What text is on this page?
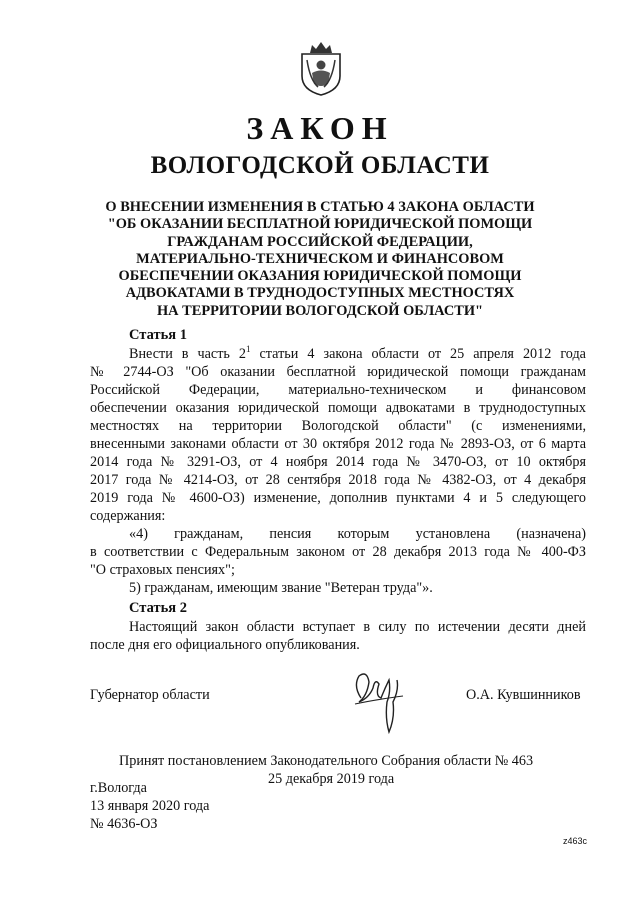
ЗАКОН
ВОЛОГОДСКОЙ ОБЛАСТИ
О ВНЕСЕНИИ ИЗМЕНЕНИЯ В СТАТЬЮ 4 ЗАКОНА ОБЛАСТИ
"ОБ ОКАЗАНИИ БЕСПЛАТНОЙ ЮРИДИЧЕСКОЙ ПОМОЩИ
ГРАЖДАНАМ РОССИЙСКОЙ ФЕДЕРАЦИИ,
МАТЕРИАЛЬНО-ТЕХНИЧЕСКОМ И ФИНАНСОВОМ
ОБЕСПЕЧЕНИИ ОКАЗАНИЯ ЮРИДИЧЕСКОЙ ПОМОЩИ
АДВОКАТАМИ В ТРУДНОДОСТУПНЫХ МЕСТНОСТЯХ
НА ТЕРРИТОРИИ ВОЛОГОДСКОЙ ОБЛАСТИ"
Статья 1
Внести в часть $2^1$ статьи 4 закона области от 25 апреля 2012 года
№ 2744-ОЗ "Об оказании бесплатной юридической помощи гражданам
Российской Федерации, материально-техническом и финансовом
обеспечении оказания юридической помощи адвокатами в труднодоступных
местностях на территории Вологодской области" (с изменениями,
внесенными законами области от 30 октября 2012 года № 2893-ОЗ, от 6 марта
2014 года № 3291-ОЗ, от 4 ноября 2014 года № 3470-ОЗ, от 10 октября
2017 года № 4214-ОЗ, от 28 сентября 2018 года № 4382-ОЗ, от 4 декабря
2019 года № 4600-ОЗ) изменение, дополнив пунктами 4 и 5 следующего
содержания:
«4) гражданам, пенсия которым установлена (назначена)
в соответствии с Федеральным законом от 28 декабря 2013 года № 400-ФЗ
"О страховых пенсиях";
5) гражданам, имеющим звание "Ветеран труда"».
Статья 2
Настоящий закон области вступает в силу по истечении десяти дней
после дня его официального опубликования.
Губернатор области	О.А. Кувшинников
Принят постановлением Законодательного Собрания области № 463
25 декабря 2019 года
г.Вологда
13 января 2020 года
№ 4636-ОЗ
z463c
